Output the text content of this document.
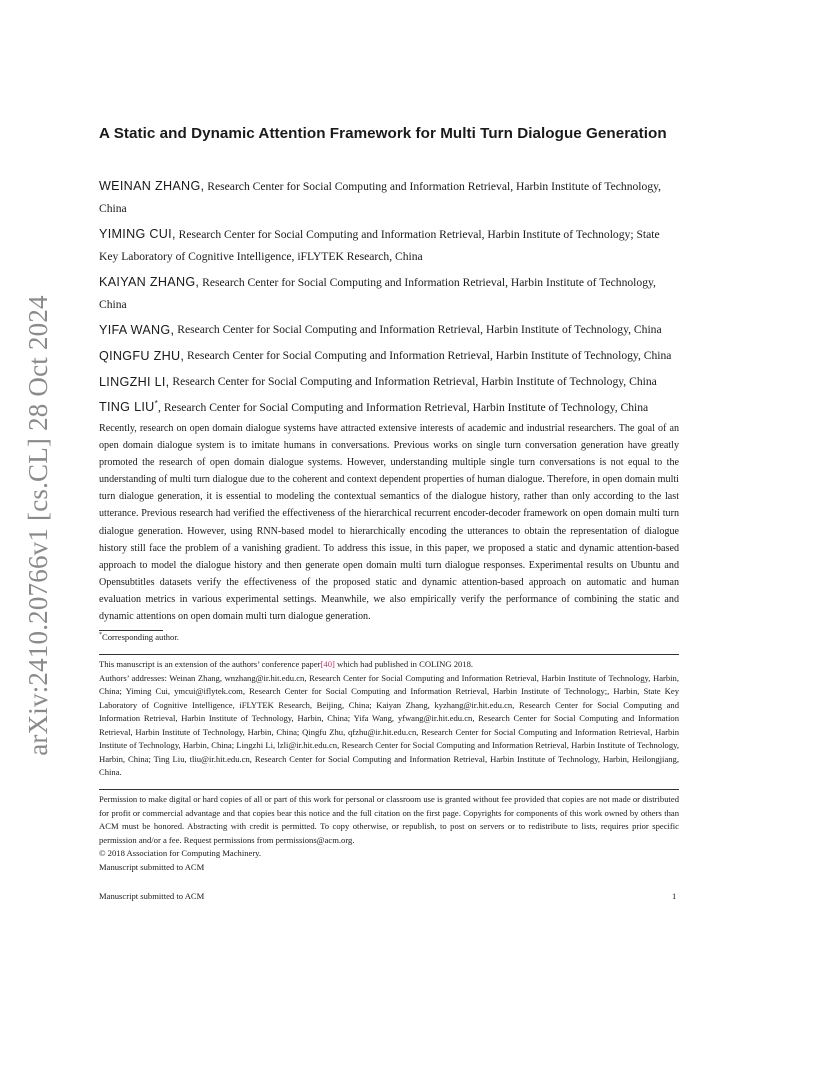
arXiv:2410.20766v1 [cs.CL] 28 Oct 2024
A Static and Dynamic Attention Framework for Multi Turn Dialogue Generation
WEINAN ZHANG, Research Center for Social Computing and Information Retrieval, Harbin Institute of Technology, China
YIMING CUI, Research Center for Social Computing and Information Retrieval, Harbin Institute of Technology; State Key Laboratory of Cognitive Intelligence, iFLYTEK Research, China
KAIYAN ZHANG, Research Center for Social Computing and Information Retrieval, Harbin Institute of Technology, China
YIFA WANG, Research Center for Social Computing and Information Retrieval, Harbin Institute of Technology, China
QINGFU ZHU, Research Center for Social Computing and Information Retrieval, Harbin Institute of Technology, China
LINGZHI LI, Research Center for Social Computing and Information Retrieval, Harbin Institute of Technology, China
TING LIU*, Research Center for Social Computing and Information Retrieval, Harbin Institute of Technology, China
Recently, research on open domain dialogue systems have attracted extensive interests of academic and industrial researchers. The goal of an open domain dialogue system is to imitate humans in conversations. Previous works on single turn conversation generation have greatly promoted the research of open domain dialogue systems. However, understanding multiple single turn conversations is not equal to the understanding of multi turn dialogue due to the coherent and context dependent properties of human dialogue. Therefore, in open domain multi turn dialogue generation, it is essential to modeling the contextual semantics of the dialogue history, rather than only according to the last utterance. Previous research had verified the effectiveness of the hierarchical recurrent encoder-decoder framework on open domain multi turn dialogue generation. However, using RNN-based model to hierarchically encoding the utterances to obtain the representation of dialogue history still face the problem of a vanishing gradient. To address this issue, in this paper, we proposed a static and dynamic attention-based approach to model the dialogue history and then generate open domain multi turn dialogue responses. Experimental results on Ubuntu and Opensubtitles datasets verify the effectiveness of the proposed static and dynamic attention-based approach on automatic and human evaluation metrics in various experimental settings. Meanwhile, we also empirically verify the performance of combining the static and dynamic attentions on open domain multi turn dialogue generation.
*Corresponding author.
This manuscript is an extension of the authors’ conference paper[40] which had published in COLING 2018.
Authors’ addresses: Weinan Zhang, wnzhang@ir.hit.edu.cn, Research Center for Social Computing and Information Retrieval, Harbin Institute of Technology, Harbin, China; Yiming Cui, ymcui@iflytek.com, Research Center for Social Computing and Information Retrieval, Harbin Institute of Technology;, Harbin, State Key Laboratory of Cognitive Intelligence, iFLYTEK Research, Beijing, China; Kaiyan Zhang, kyzhang@ir.hit.edu.cn, Research Center for Social Computing and Information Retrieval, Harbin Institute of Technology, Harbin, China; Yifa Wang, yfwang@ir.hit.edu.cn, Research Center for Social Computing and Information Retrieval, Harbin Institute of Technology, Harbin, China; Qingfu Zhu, qfzhu@ir.hit.edu.cn, Research Center for Social Computing and Information Retrieval, Harbin Institute of Technology, Harbin, China; Lingzhi Li, lzli@ir.hit.edu.cn, Research Center for Social Computing and Information Retrieval, Harbin Institute of Technology, Harbin, China; Ting Liu, tliu@ir.hit.edu.cn, Research Center for Social Computing and Information Retrieval, Harbin Institute of Technology, Harbin, Heilongjiang, China.
Permission to make digital or hard copies of all or part of this work for personal or classroom use is granted without fee provided that copies are not made or distributed for profit or commercial advantage and that copies bear this notice and the full citation on the first page. Copyrights for components of this work owned by others than ACM must be honored. Abstracting with credit is permitted. To copy otherwise, or republish, to post on servers or to redistribute to lists, requires prior specific permission and/or a fee. Request permissions from permissions@acm.org.
© 2018 Association for Computing Machinery.
Manuscript submitted to ACM
Manuscript submitted to ACM	1
